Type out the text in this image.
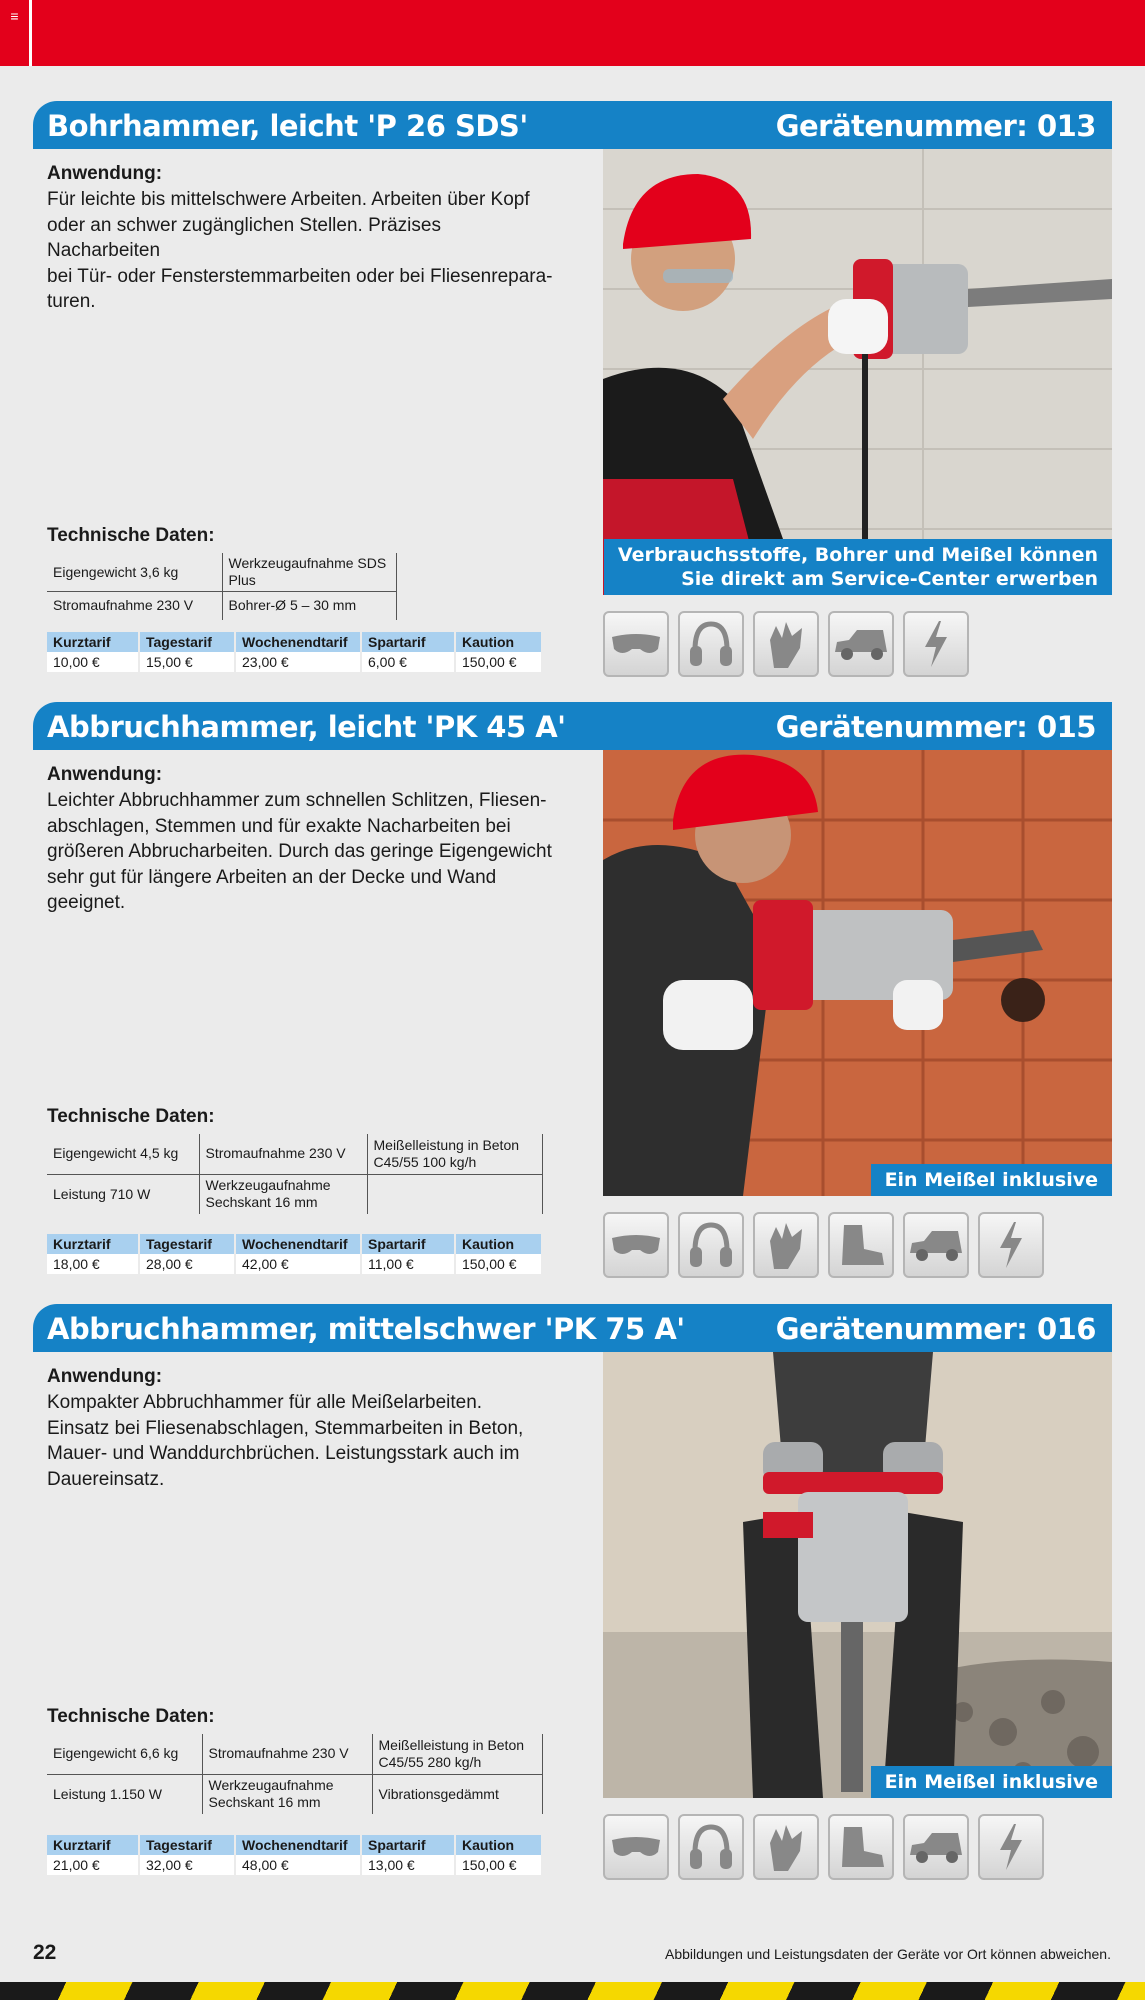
≡
Bohrhammer, leicht 'P 26 SDS'	Gerätenummer: 013
Anwendung:
Für leichte bis mittelschwere Arbeiten. Arbeiten über Kopf
oder an schwer zugänglichen Stellen. Präzises Nacharbeiten
bei Tür- oder Fensterstemmarbeiten oder bei Fliesenrepara-
turen.
Technische Daten:
Eigengewicht 3,6 kg	Werkzeugaufnahme SDS Plus
Stromaufnahme 230 V	Bohrer-Ø 5 – 30 mm
Kurztarif	Tagestarif	Wochenendtarif	Spartarif	Kaution
10,00 €	15,00 €	23,00 €	6,00 €	150,00 €
Verbrauchsstoffe, Bohrer und Meißel können
Sie direkt am Service-Center erwerben
Abbruchhammer, leicht 'PK 45 A'	Gerätenummer: 015
Anwendung:
Leichter Abbruchhammer zum schnellen Schlitzen, Fliesen-
abschlagen, Stemmen und für exakte Nacharbeiten bei
größeren Abbrucharbeiten. Durch das geringe Eigengewicht
sehr gut für längere Arbeiten an der Decke und Wand
geeignet.
Technische Daten:
Eigengewicht 4,5 kg	Stromaufnahme 230 V	Meißelleistung in Beton C45/55 100 kg/h
Leistung 710 W	Werkzeugaufnahme Sechskant 16 mm	
Kurztarif	Tagestarif	Wochenendtarif	Spartarif	Kaution
18,00 €	28,00 €	42,00 €	11,00 €	150,00 €
Ein Meißel inklusive
Abbruchhammer, mittelschwer 'PK 75 A'	Gerätenummer: 016
Anwendung:
Kompakter Abbruchhammer für alle Meißelarbeiten.
Einsatz bei Fliesenabschlagen, Stemmarbeiten in Beton,
Mauer- und Wanddurchbrüchen. Leistungsstark auch im
Dauereinsatz.
Technische Daten:
Eigengewicht 6,6 kg	Stromaufnahme 230 V	Meißelleistung in Beton C45/55 280 kg/h
Leistung 1.150 W	Werkzeugaufnahme Sechskant 16 mm	Vibrationsgedämmt
Kurztarif	Tagestarif	Wochenendtarif	Spartarif	Kaution
21,00 €	32,00 €	48,00 €	13,00 €	150,00 €
Ein Meißel inklusive
22	Abbildungen und Leistungsdaten der Geräte vor Ort können abweichen.
